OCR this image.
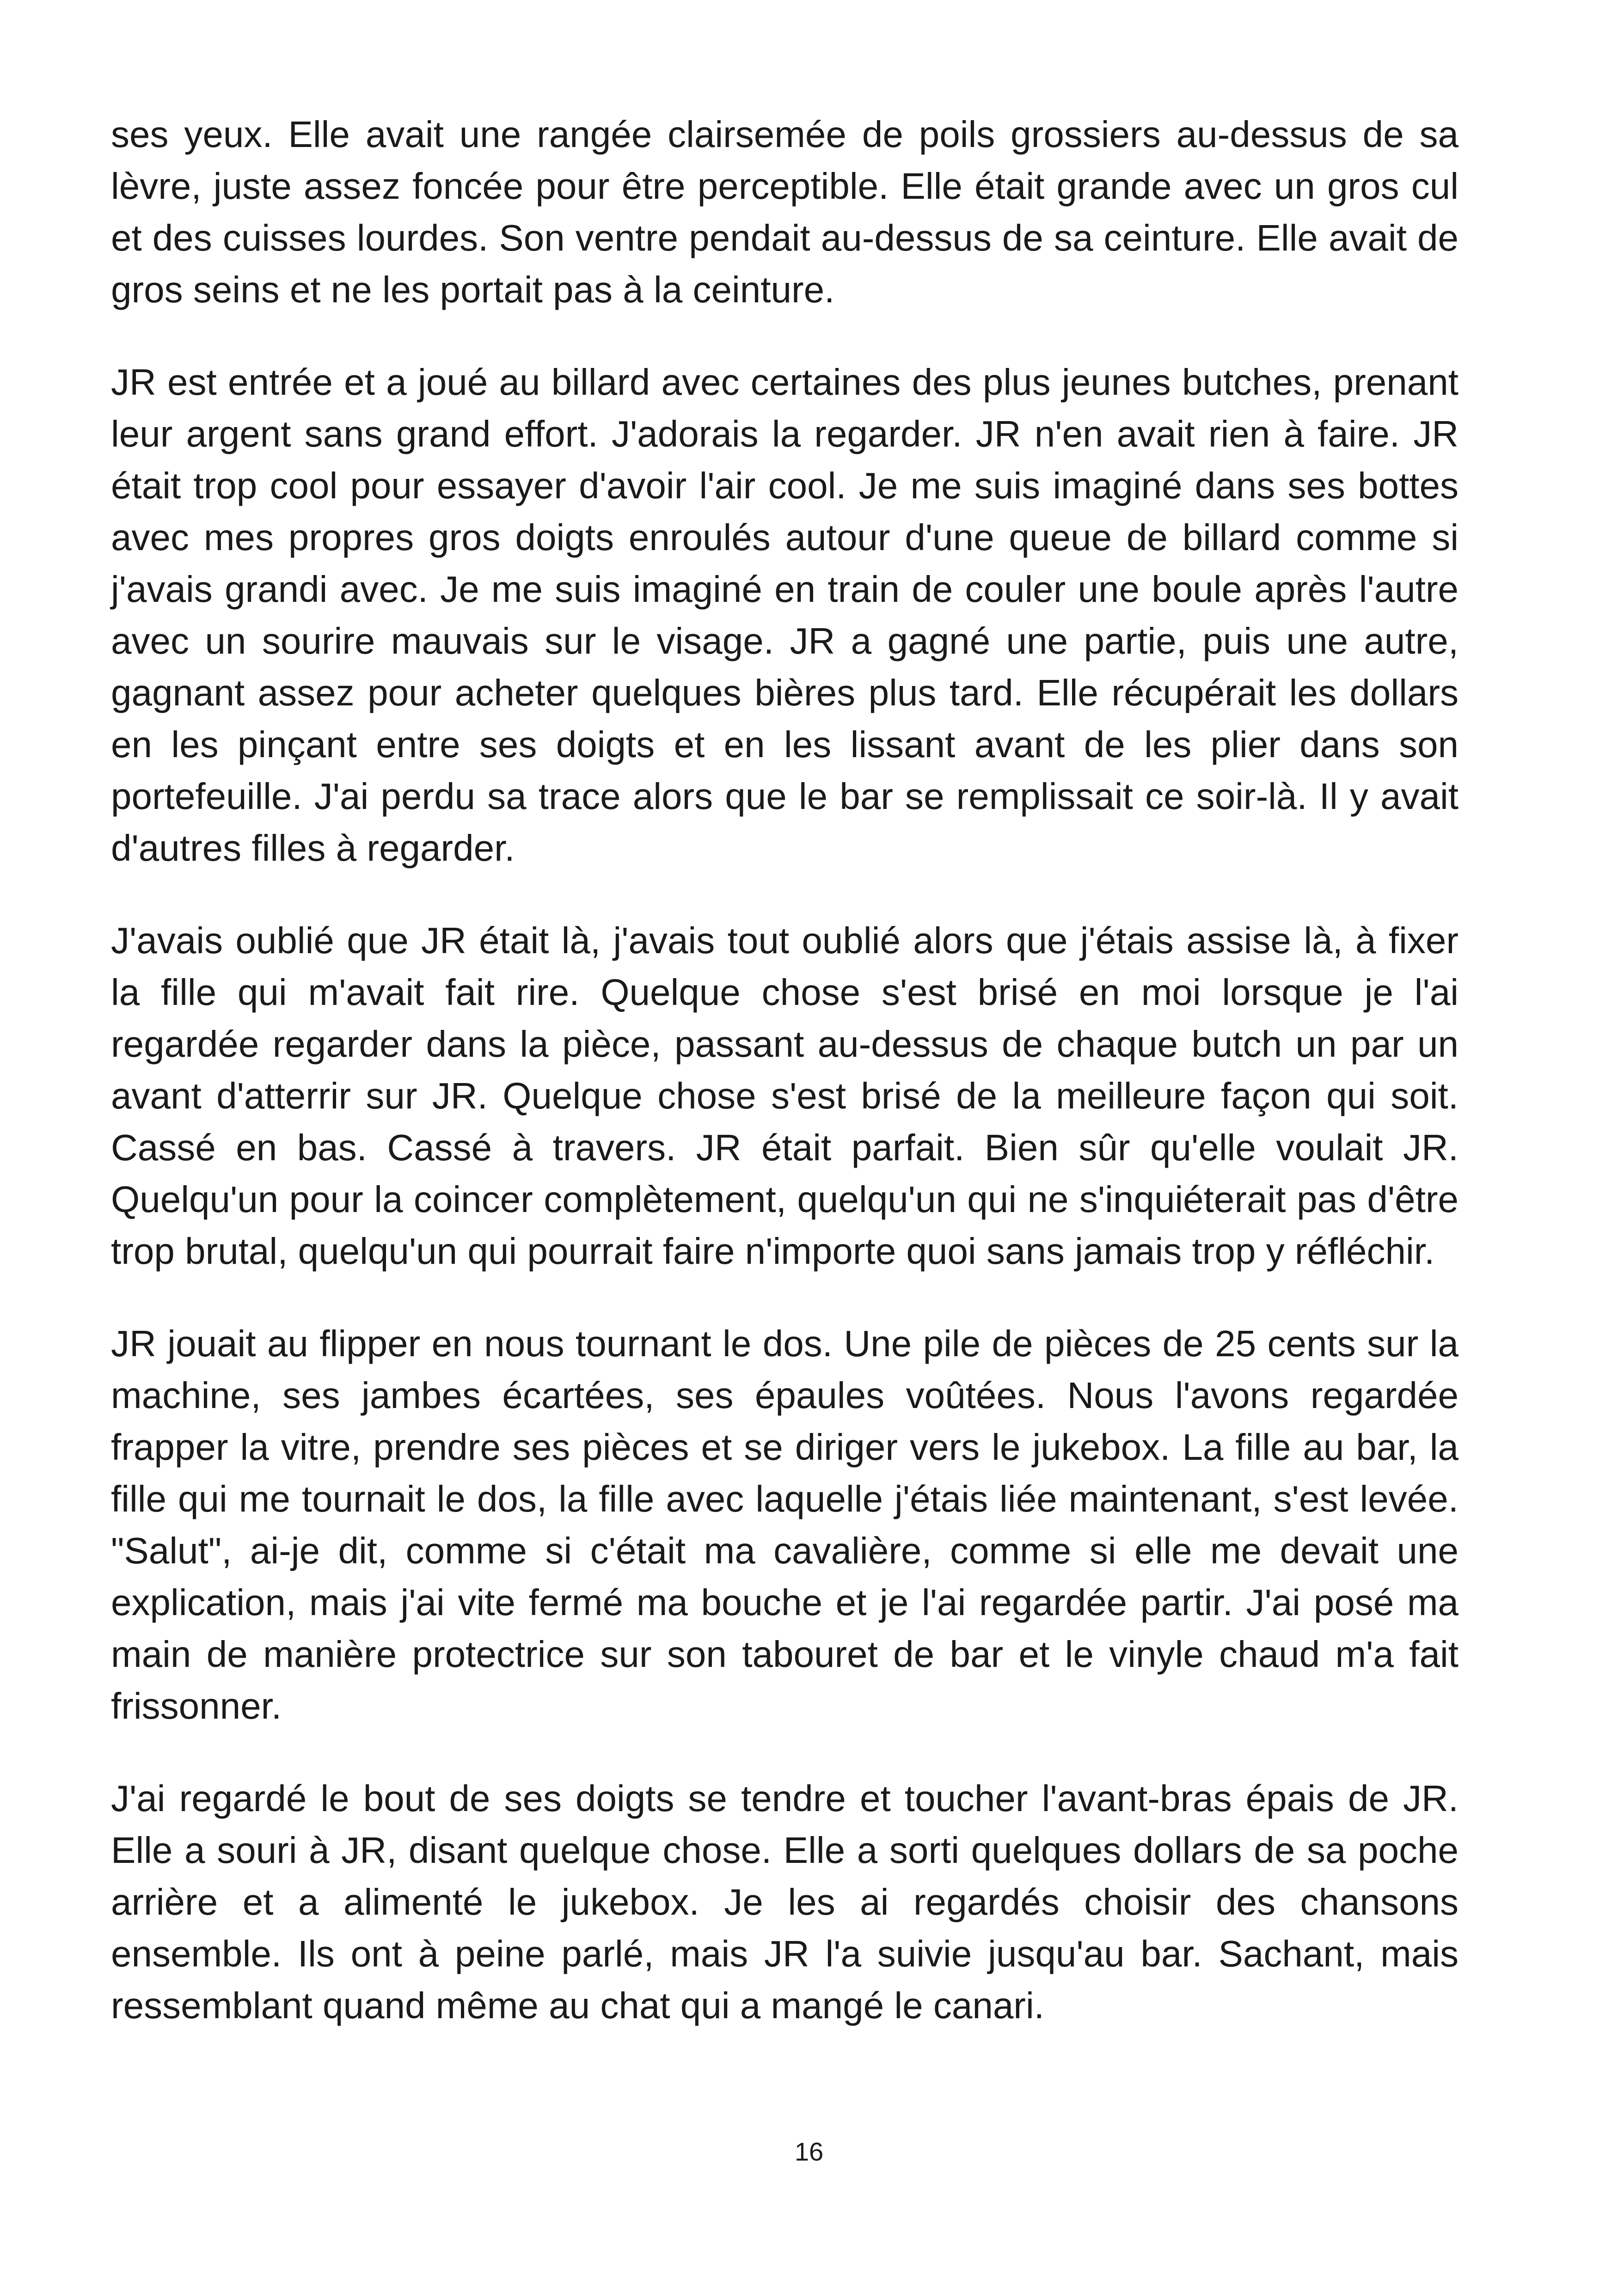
ses yeux. Elle avait une rangée clairsemée de poils grossiers au-dessus de sa lèvre, juste assez foncée pour être perceptible. Elle était grande avec un gros cul et des cuisses lourdes. Son ventre pendait au-dessus de sa ceinture. Elle avait de gros seins et ne les portait pas à la ceinture.

JR est entrée et a joué au billard avec certaines des plus jeunes butches, prenant leur argent sans grand effort. J'adorais la regarder. JR n'en avait rien à faire. JR était trop cool pour essayer d'avoir l'air cool. Je me suis imaginé dans ses bottes avec mes propres gros doigts enroulés autour d'une queue de billard comme si j'avais grandi avec. Je me suis imaginé en train de couler une boule après l'autre avec un sourire mauvais sur le visage. JR a gagné une partie, puis une autre, gagnant assez pour acheter quelques bières plus tard. Elle récupérait les dollars en les pinçant entre ses doigts et en les lissant avant de les plier dans son portefeuille. J'ai perdu sa trace alors que le bar se remplissait ce soir-là. Il y avait d'autres filles à regarder.

J'avais oublié que JR était là, j'avais tout oublié alors que j'étais assise là, à fixer la fille qui m'avait fait rire. Quelque chose s'est brisé en moi lorsque je l'ai regardée regarder dans la pièce, passant au-dessus de chaque butch un par un avant d'atterrir sur JR. Quelque chose s'est brisé de la meilleure façon qui soit. Cassé en bas. Cassé à travers. JR était parfait. Bien sûr qu'elle voulait JR. Quelqu'un pour la coincer complètement, quelqu'un qui ne s'inquiéterait pas d'être trop brutal, quelqu'un qui pourrait faire n'importe quoi sans jamais trop y réfléchir.

JR jouait au flipper en nous tournant le dos. Une pile de pièces de 25 cents sur la machine, ses jambes écartées, ses épaules voûtées. Nous l'avons regardée frapper la vitre, prendre ses pièces et se diriger vers le jukebox. La fille au bar, la fille qui me tournait le dos, la fille avec laquelle j'étais liée maintenant, s'est levée. "Salut", ai-je dit, comme si c'était ma cavalière, comme si elle me devait une explication, mais j'ai vite fermé ma bouche et je l'ai regardée partir. J'ai posé ma main de manière protectrice sur son tabouret de bar et le vinyle chaud m'a fait frissonner.

J'ai regardé le bout de ses doigts se tendre et toucher l'avant-bras épais de JR. Elle a souri à JR, disant quelque chose. Elle a sorti quelques dollars de sa poche arrière et a alimenté le jukebox. Je les ai regardés choisir des chansons ensemble. Ils ont à peine parlé, mais JR l'a suivie jusqu'au bar. Sachant, mais ressemblant quand même au chat qui a mangé le canari.

16
